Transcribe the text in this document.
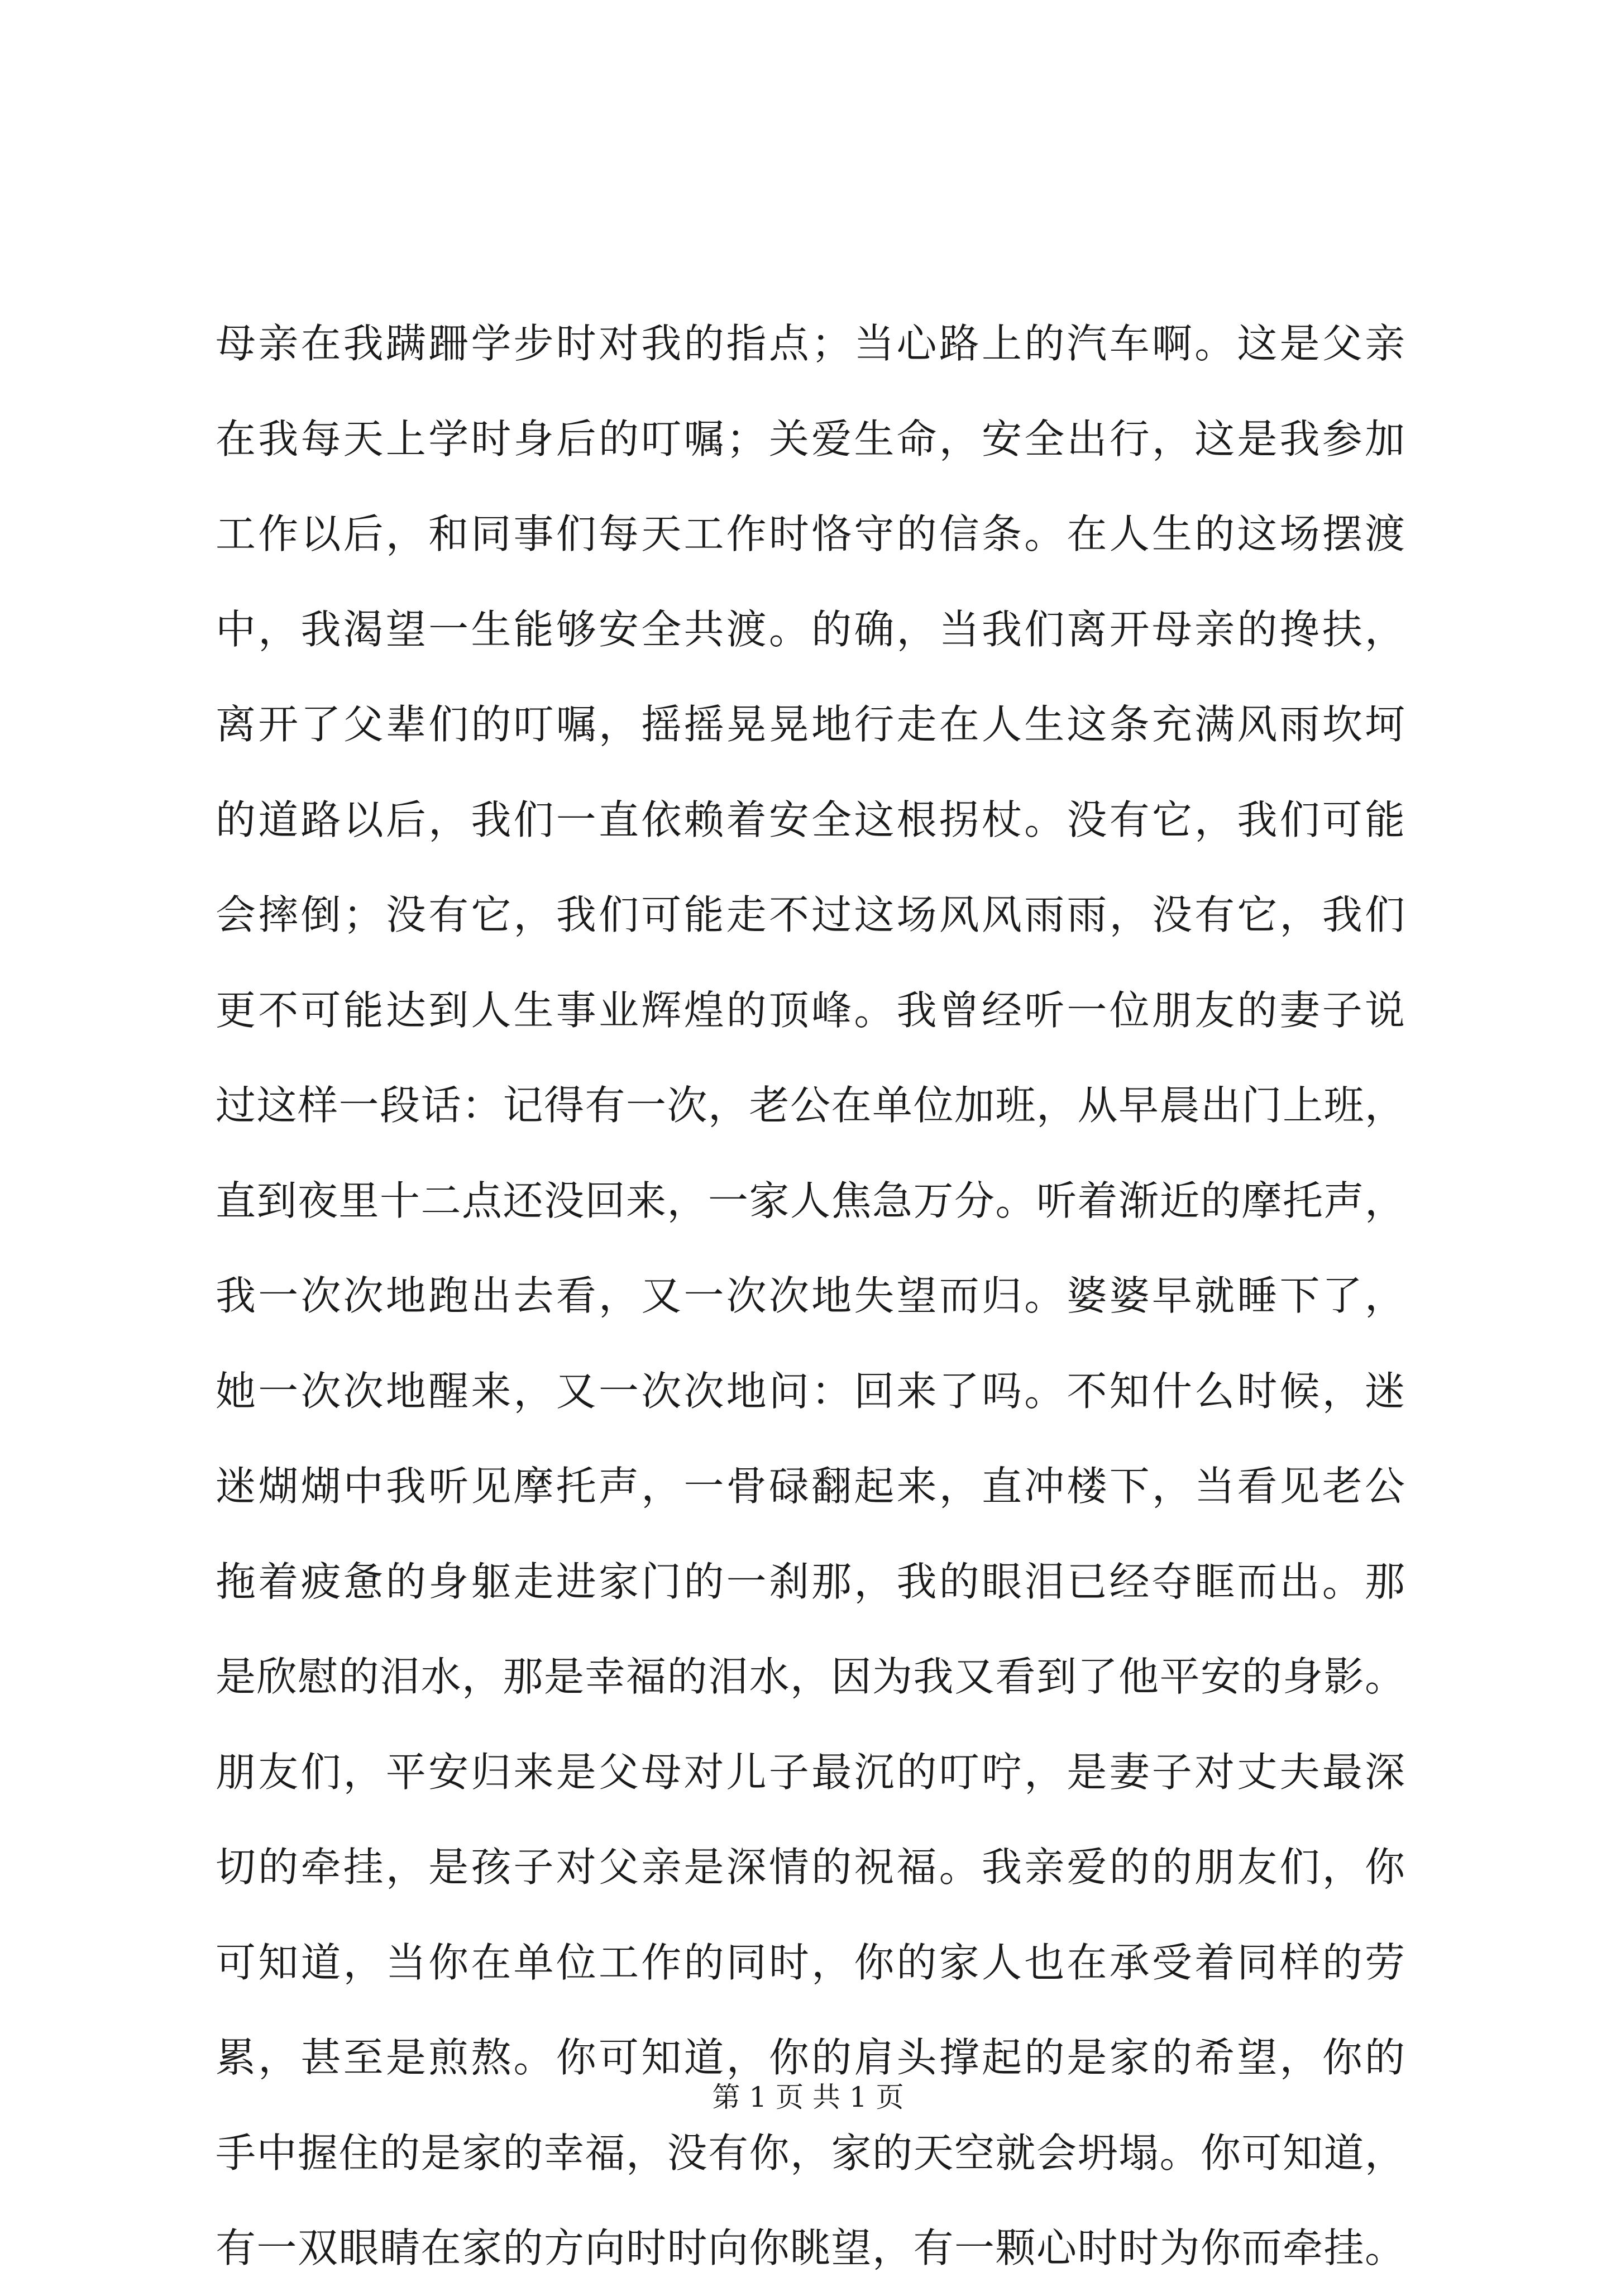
母亲在我蹒跚学步时对我的指点；当心路上的汽车啊。这是父亲
在我每天上学时身后的叮嘱；关爱生命，安全出行，这是我参加
工作以后，和同事们每天工作时恪守的信条。在人生的这场摆渡
中，我渴望一生能够安全共渡。的确，当我们离开母亲的搀扶，
离开了父辈们的叮嘱，摇摇晃晃地行走在人生这条充满风雨坎坷
的道路以后，我们一直依赖着安全这根拐杖。没有它，我们可能
会摔倒；没有它，我们可能走不过这场风风雨雨，没有它，我们
更不可能达到人生事业辉煌的顶峰。我曾经听一位朋友的妻子说
过这样一段话：记得有一次，老公在单位加班，从早晨出门上班，
直到夜里十二点还没回来，一家人焦急万分。听着渐近的摩托声，
我一次次地跑出去看，又一次次地失望而归。婆婆早就睡下了，
她一次次地醒来，又一次次地问：回来了吗。不知什么时候，迷
迷煳煳中我听见摩托声，一骨碌翻起来，直冲楼下，当看见老公
拖着疲惫的身躯走进家门的一刹那，我的眼泪已经夺眶而出。那
是欣慰的泪水，那是幸福的泪水，因为我又看到了他平安的身影。
朋友们，平安归来是父母对儿子最沉的叮咛，是妻子对丈夫最深
切的牵挂，是孩子对父亲是深情的祝福。我亲爱的的朋友们，你
可知道，当你在单位工作的同时，你的家人也在承受着同样的劳
累，甚至是煎熬。你可知道，你的肩头撑起的是家的希望，你的
手中握住的是家的幸福，没有你，家的天空就会坍塌。你可知道，
有一双眼睛在家的方向时时向你眺望，有一颗心时时为你而牵挂。
第 1 页 共 1 页
